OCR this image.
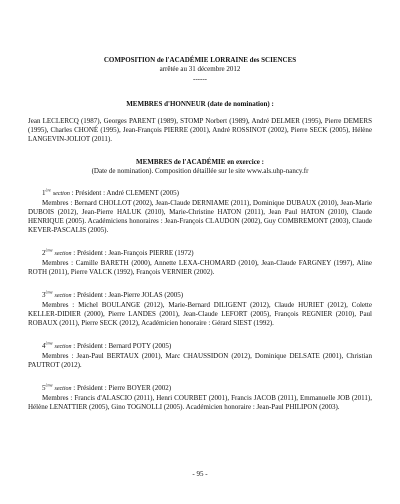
COMPOSITION de l'ACADÉMIE LORRAINE des SCIENCES
arrêtée au 31 décembre 2012
------
MEMBRES d'HONNEUR (date de nomination) :

Jean LECLERCQ (1987), Georges PARENT (1989), STOMP Norbert (1989), André DELMER (1995), Pierre DEMERS (1995), Charles CHONÉ (1995), Jean-François PIERRE (2001), André ROSSINOT (2002), Pierre SECK (2005), Hélène LANGEVIN-JOLIOT (2011).

MEMBRES de l'ACADÉMIE en exercice :
(Date de nomination). Composition détaillée sur le site www.als.uhp-nancy.fr

1ère section : Président : André CLEMENT (2005)

Membres : Bernard CHOLLOT (2002), Jean-Claude DERNIAME (2011), Dominique DUBAUX (2010), Jean-Marie DUBOIS (2012), Jean-Pierre HALUK (2010), Marie-Christine HATON (2011), Jean Paul HATON (2010), Claude HENRIQUE (2005). Académiciens honoraires : Jean-François CLAUDON (2002), Guy COMBREMONT (2003), Claude KEVER-PASCALIS (2005).

2ème section : Président : Jean-François PIERRE (1972)

Membres : Camille BARETH (2000), Annette LEXA-CHOMARD (2010), Jean-Claude FARGNEY (1997), Aline ROTH (2011), Pierre VALCK (1992), François VERNIER (2002).

3ème section : Président : Jean-Pierre JOLAS (2005)

Membres : Michel BOULANGE (2012), Marie-Bernard DILIGENT (2012), Claude HURIET (2012), Colette KELLER-DIDIER (2000), Pierre LANDES (2001), Jean-Claude LEFORT (2005), François REGNIER (2010), Paul ROBAUX (2011), Pierre SECK (2012), Académicien honoraire : Gérard SIEST (1992).

4ème section : Président : Bernard POTY (2005)

Membres : Jean-Paul BERTAUX (2001), Marc CHAUSSIDON (2012), Dominique DELSATE (2001), Christian PAUTROT (2012).

5ème section : Président : Pierre BOYER (2002)

Membres : Francis d'ALASCIO (2011), Henri COURBET (2001), Francis JACOB (2011), Emmanuelle JOB (2011), Hélène LENATTIER (2005), Gino TOGNOLLI (2005). Académicien honoraire : Jean-Paul PHILIPON (2003).

- 95 -
